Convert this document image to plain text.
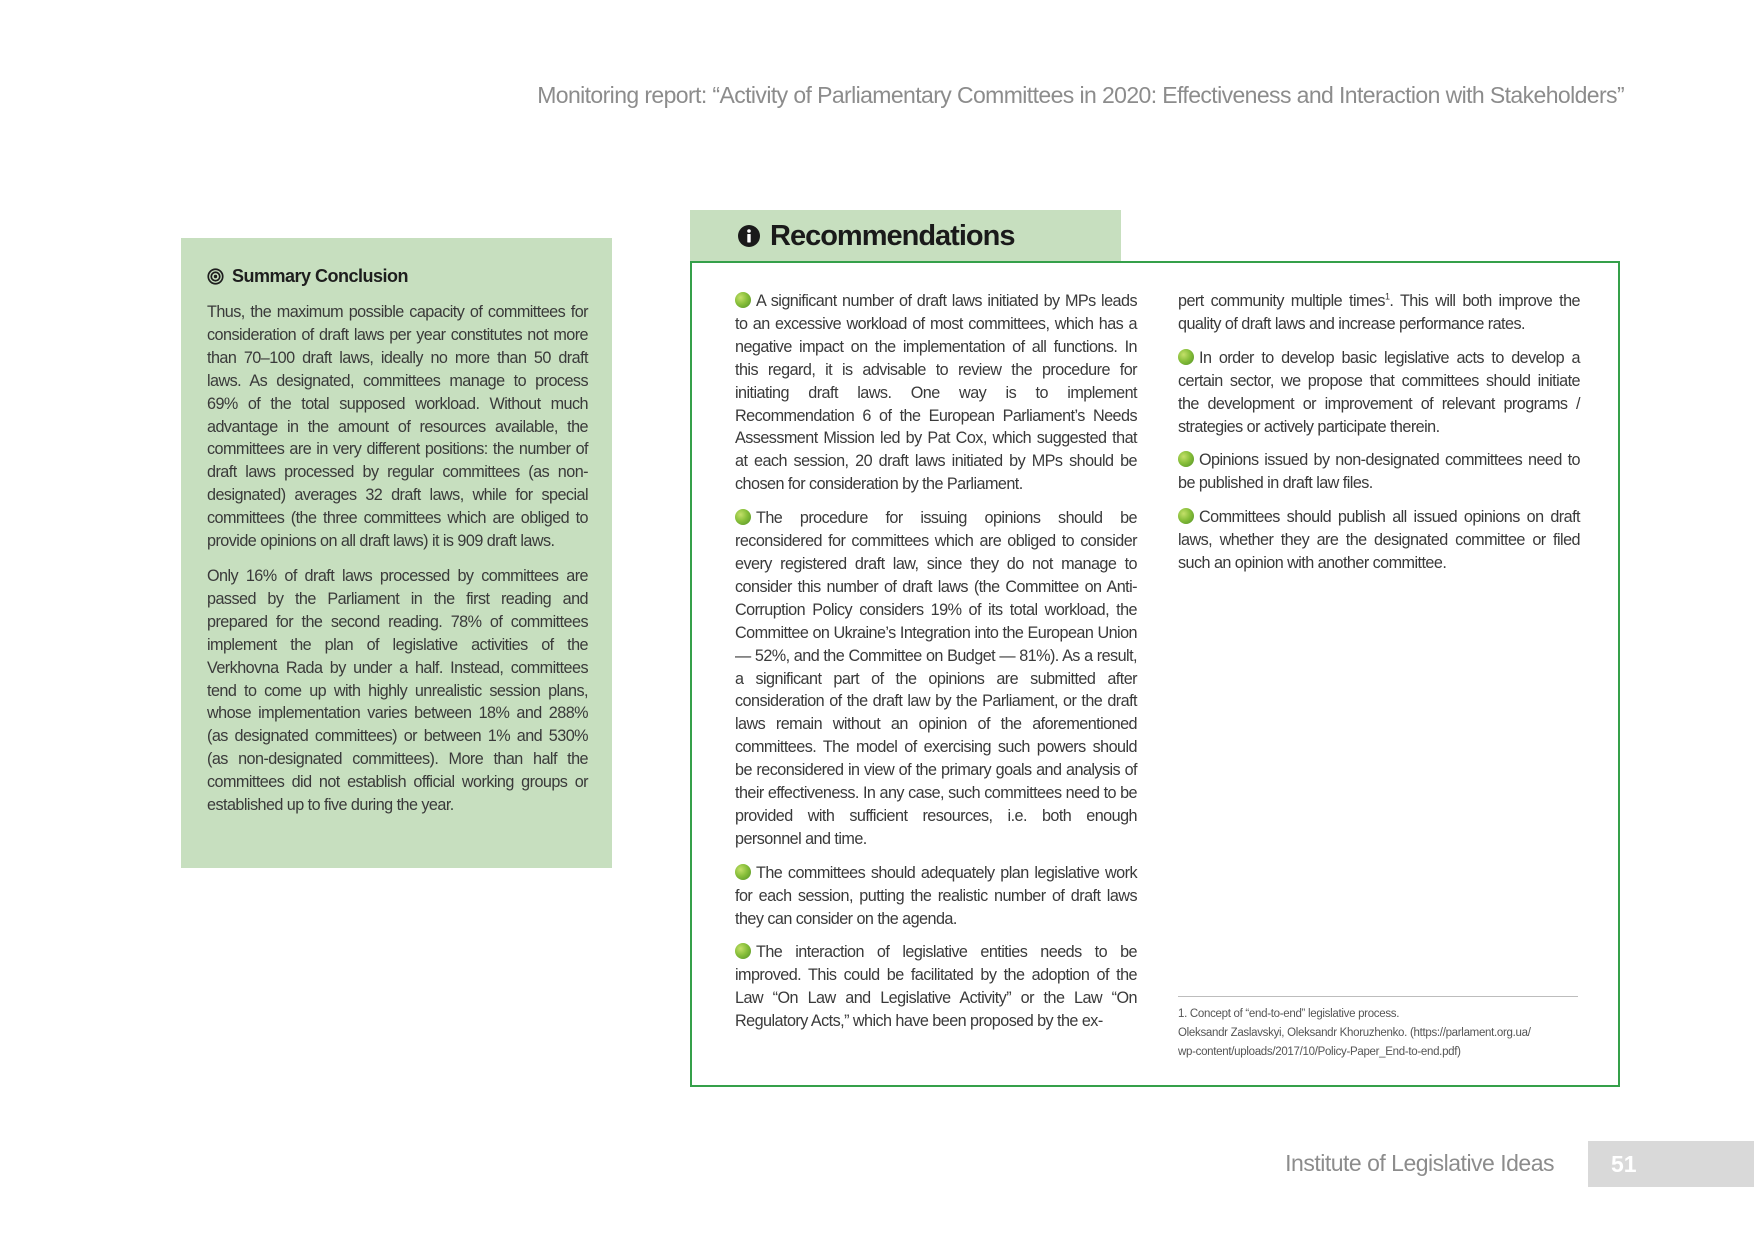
Monitoring report: “Activity of Parliamentary Committees in 2020: Effectiveness and Interaction with Stakeholders”
Summary Conclusion

Thus, the maximum possible capacity of committees for consideration of draft laws per year constitutes not more than 70–100 draft laws, ideally no more than 50 draft laws. As designated, committees manage to process 69% of the total supposed workload. Without much advantage in the amount of resources available, the committees are in very different positions: the number of draft laws processed by regular committees (as non-designated) averages 32 draft laws, while for special committees (the three committees which are obliged to provide opinions on all draft laws) it is 909 draft laws.

Only 16% of draft laws processed by committees are passed by the Parliament in the first reading and prepared for the second reading. 78% of committees implement the plan of legislative activities of the Verkhovna Rada by under a half. Instead, committees tend to come up with highly unrealistic session plans, whose implementation varies between 18% and 288% (as designated committees) or between 1% and 530% (as non-designated committees). More than half the committees did not establish official working groups or established up to five during the year.

Recommendations

A significant number of draft laws initiated by MPs leads to an excessive workload of most committees, which has a negative impact on the implementation of all functions. In this regard, it is advisable to review the procedure for initiating draft laws. One way is to implement Recommendation 6 of the European Parliament’s Needs Assessment Mission led by Pat Cox, which suggested that at each session, 20 draft laws initiated by MPs should be chosen for consideration by the Parliament.

The procedure for issuing opinions should be reconsidered for committees which are obliged to consider every registered draft law, since they do not manage to consider this number of draft laws (the Committee on Anti-Corruption Policy considers 19% of its total workload, the Committee on Ukraine’s Integration into the European Union — 52%, and the Committee on Budget — 81%). As a result, a significant part of the opinions are submitted after consideration of the draft law by the Parliament, or the draft laws remain without an opinion of the aforementioned committees. The model of exercising such powers should be reconsidered in view of the primary goals and analysis of their effectiveness. In any case, such committees need to be provided with sufficient resources, i.e. both enough personnel and time.

The committees should adequately plan legislative work for each session, putting the realistic number of draft laws they can consider on the agenda.

The interaction of legislative entities needs to be improved. This could be facilitated by the adoption of the Law “On Law and Legislative Activity” or the Law “On Regulatory Acts,” which have been proposed by the ex-

pert community multiple times$^1$. This will both improve the quality of draft laws and increase performance rates.

In order to develop basic legislative acts to develop a certain sector, we propose that committees should initiate the development or improvement of relevant programs / strategies or actively participate therein.

Opinions issued by non-designated committees need to be published in draft law files.

Committees should publish all issued opinions on draft laws, whether they are the designated committee or filed such an opinion with another committee.

1. Concept of “end-to-end” legislative process.
Oleksandr Zaslavskyi, Oleksandr Khoruzhenko. (https://parlament.org.ua/
wp-content/uploads/2017/10/Policy-Paper_End-to-end.pdf)
Institute of Legislative Ideas 51
